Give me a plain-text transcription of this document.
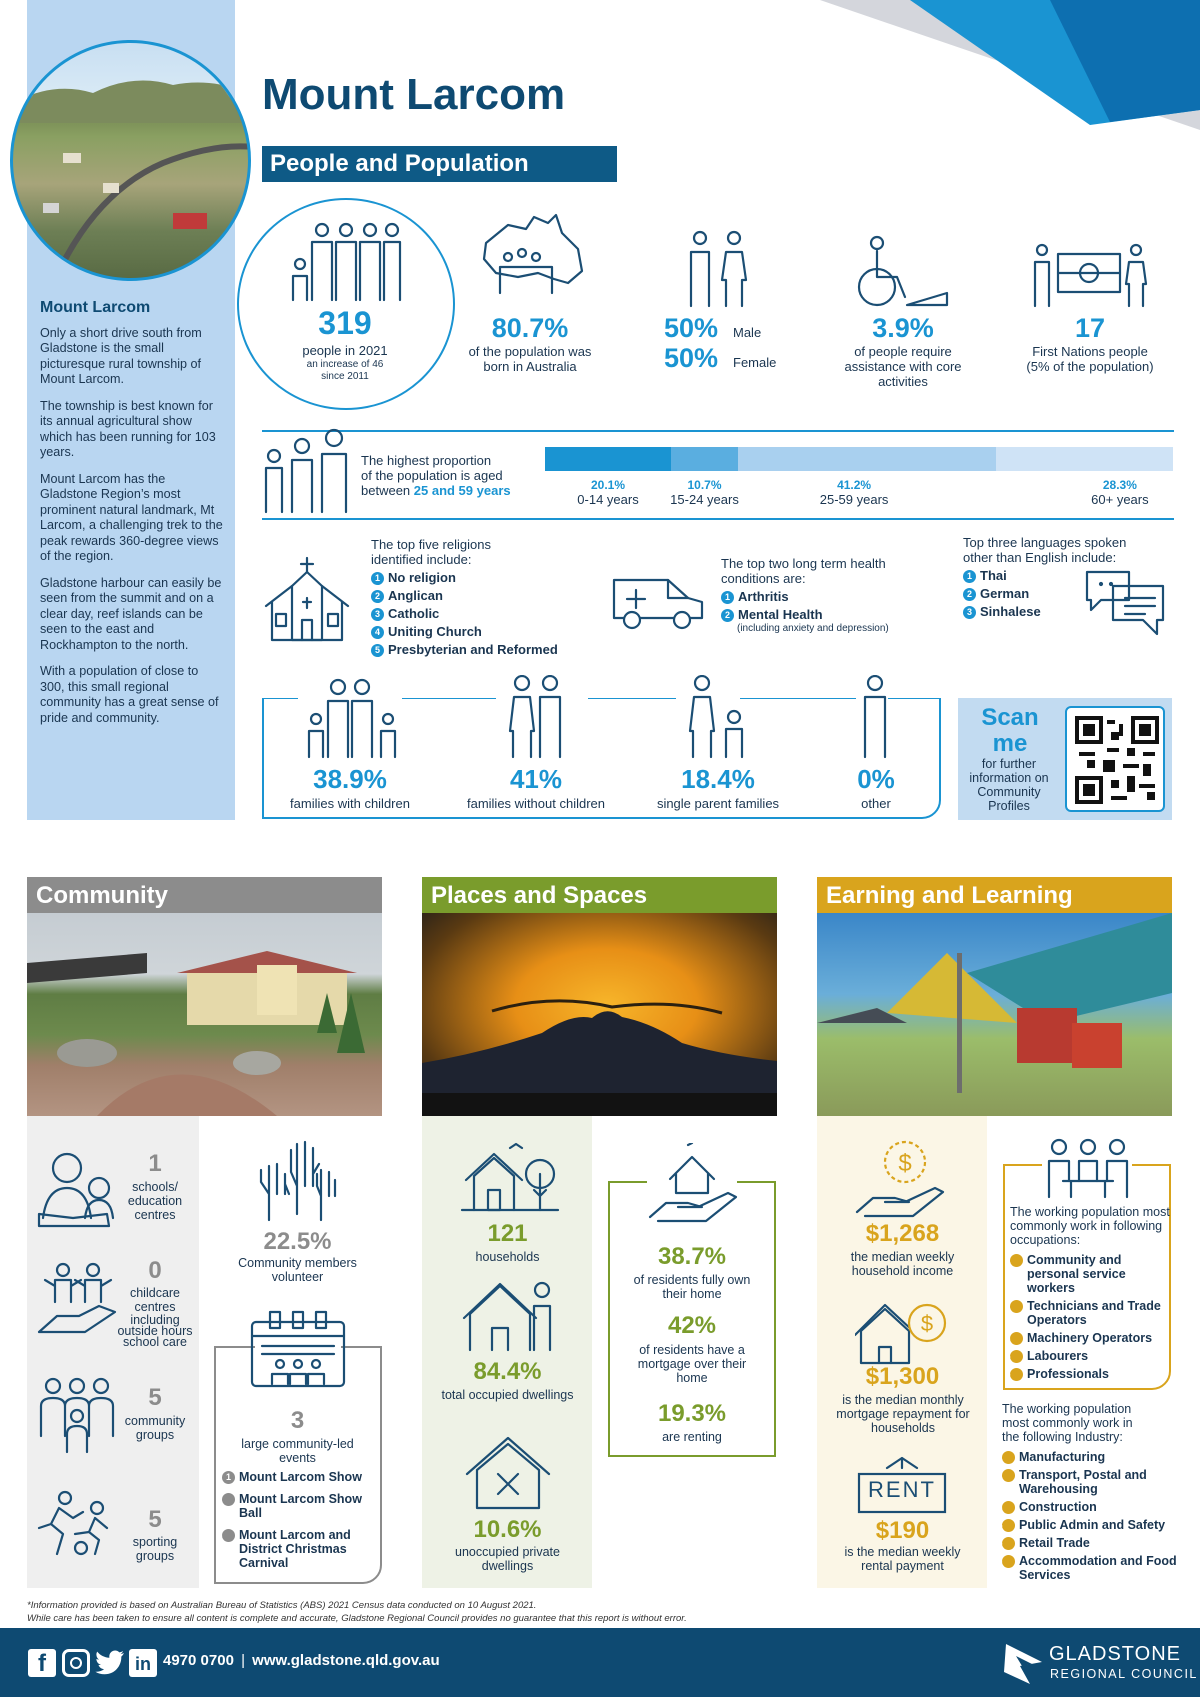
Mount Larcom

Only a short drive south from Gladstone is the small picturesque rural township of Mount Larcom.

The township is best known for its annual agricultural show which has been running for 103 years.

Mount Larcom has the Gladstone Region’s most prominent natural landmark, Mt Larcom, a challenging trek to the peak rewards 360-degree views of the region.

Gladstone harbour can easily be seen from the summit and on a clear day, reef islands can be seen to the east and Rockhampton to the north.

With a population of close to 300, this small regional community has a great sense of pride and community.

Mount Larcom
People and Population
319
people in 2021
an increase of 46 since 2011
80.7%
of the population was born in Australia
50% Male
50% Female
3.9%
of people require assistance with core activities
17
First Nations people
(5% of the population)
The highest proportion
of the population is aged
between 25 and 59 years	20.1%
0-14 years
10.7%
15-24 years
41.2%
25-59 years
28.3%
60+ years
The top five religions identified include:
1 No religion
2 Anglican
3 Catholic
4 Uniting Church
5 Presbyterian and Reformed
The top two long term health conditions are:
1 Arthritis
2 Mental Health
(including anxiety and depression)
Top three languages spoken other than English include:
1 Thai
2 German
3 Sinhalese
38.9%
families with children
41%
families without children
18.4%
single parent families
0%
other
Scan me
for further information on Community Profiles
Community	Places and Spaces	Earning and Learning
1
schools/ education centres
0
childcare centres
including outside hours school care
5
community groups
5
sporting groups
22.5%
Community members volunteer
3
large community-led events
1 Mount Larcom Show
2 Mount Larcom Show Ball
3 Mount Larcom and District Christmas Carnival
121
households
84.4%
total occupied dwellings
10.6%
unoccupied private dwellings
38.7%
of residents fully own their home
42%
of residents have a mortgage over their home
19.3%
are renting
$
$1,268
the median weekly household income
$
$1,300
is the median monthly mortgage repayment for households
RENT
$190
is the median weekly rental payment
The working population most commonly work in following occupations:
1 Community and personal service workers
2 Technicians and Trade Operators
3 Machinery Operators
4 Labourers
5 Professionals
The working population most commonly work in the following Industry:
1 Manufacturing
2 Transport, Postal and Warehousing
3 Construction
4 Public Admin and Safety
5 Retail Trade
6 Accommodation and Food Services
*Information provided is based on Australian Bureau of Statistics (ABS) 2021 Census data conducted on 10 August 2021.
While care has been taken to ensure all content is complete and accurate, Gladstone Regional Council provides no guarantee that this report is without error.
f	in 4970 0700 | www.gladstone.qld.gov.au	GLADSTONE
REGIONAL COUNCIL
